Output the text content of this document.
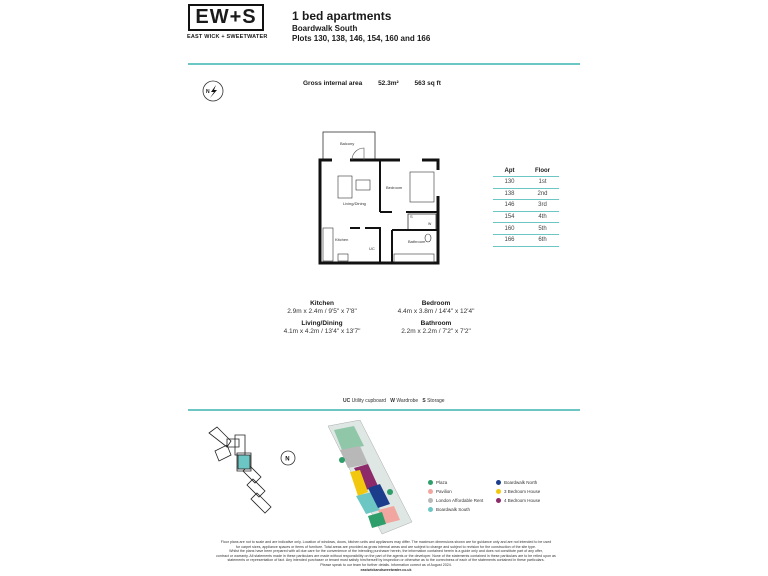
EW+S
EAST WICK + SWEETWATER
1 bed apartments
Boardwalk South
Plots 130, 138, 146, 154, 160 and 166
N
Gross internal area 52.3m² 563 sq ft
Balcony
Bedroom
Living/Dining
Kitchen	Bathroom
S
W
UC
Apt	Floor
130	1st
138	2nd
146	3rd
154	4th
160	5th
166	6th
Kitchen
2.9m x 2.4m / 9'5" x 7'8"
Bedroom
4.4m x 3.8m / 14'4" x 12'4"
Living/Dining
4.1m x 4.2m / 13'4" x 13'7"
Bathroom
2.2m x 2.2m / 7'2" x 7'2"
UC Utility cupboard W Wardrobe S Storage
N
Plaza
Pavilion
London Affordable Rent
Boardwalk South
Boardwalk North
3 Bedroom House
4 Bedroom House
Floor plans are not to scale and are indicative only. Location of windows, doors, kitchen units and appliances may differ. The maximum dimensions shown are for guidance only and are not intended to be used
for carpet sizes, appliance spaces or items of furniture. Total areas are provided as gross internal areas and are subject to change and subject to revision for the construction of the site type.
Whilst the plans have been prepared with all due care for the convenience of the intending purchaser herein, the information contained herein is a guide only and does not constitute part of any offer,
contract or warranty. All statements made in these particulars are made without responsibility on the part of the agents or the developer. None of the statements contained in these particulars are to be relied upon as
statements or representation of fact. Any intended purchaser or tenant must satisfy him/herself by inspection or otherwise as to the correctness of each of the statements contained in these particulars.
Please speak to our team for further details. Information correct as of August 2024.
eastwickandsweetwater.co.uk
